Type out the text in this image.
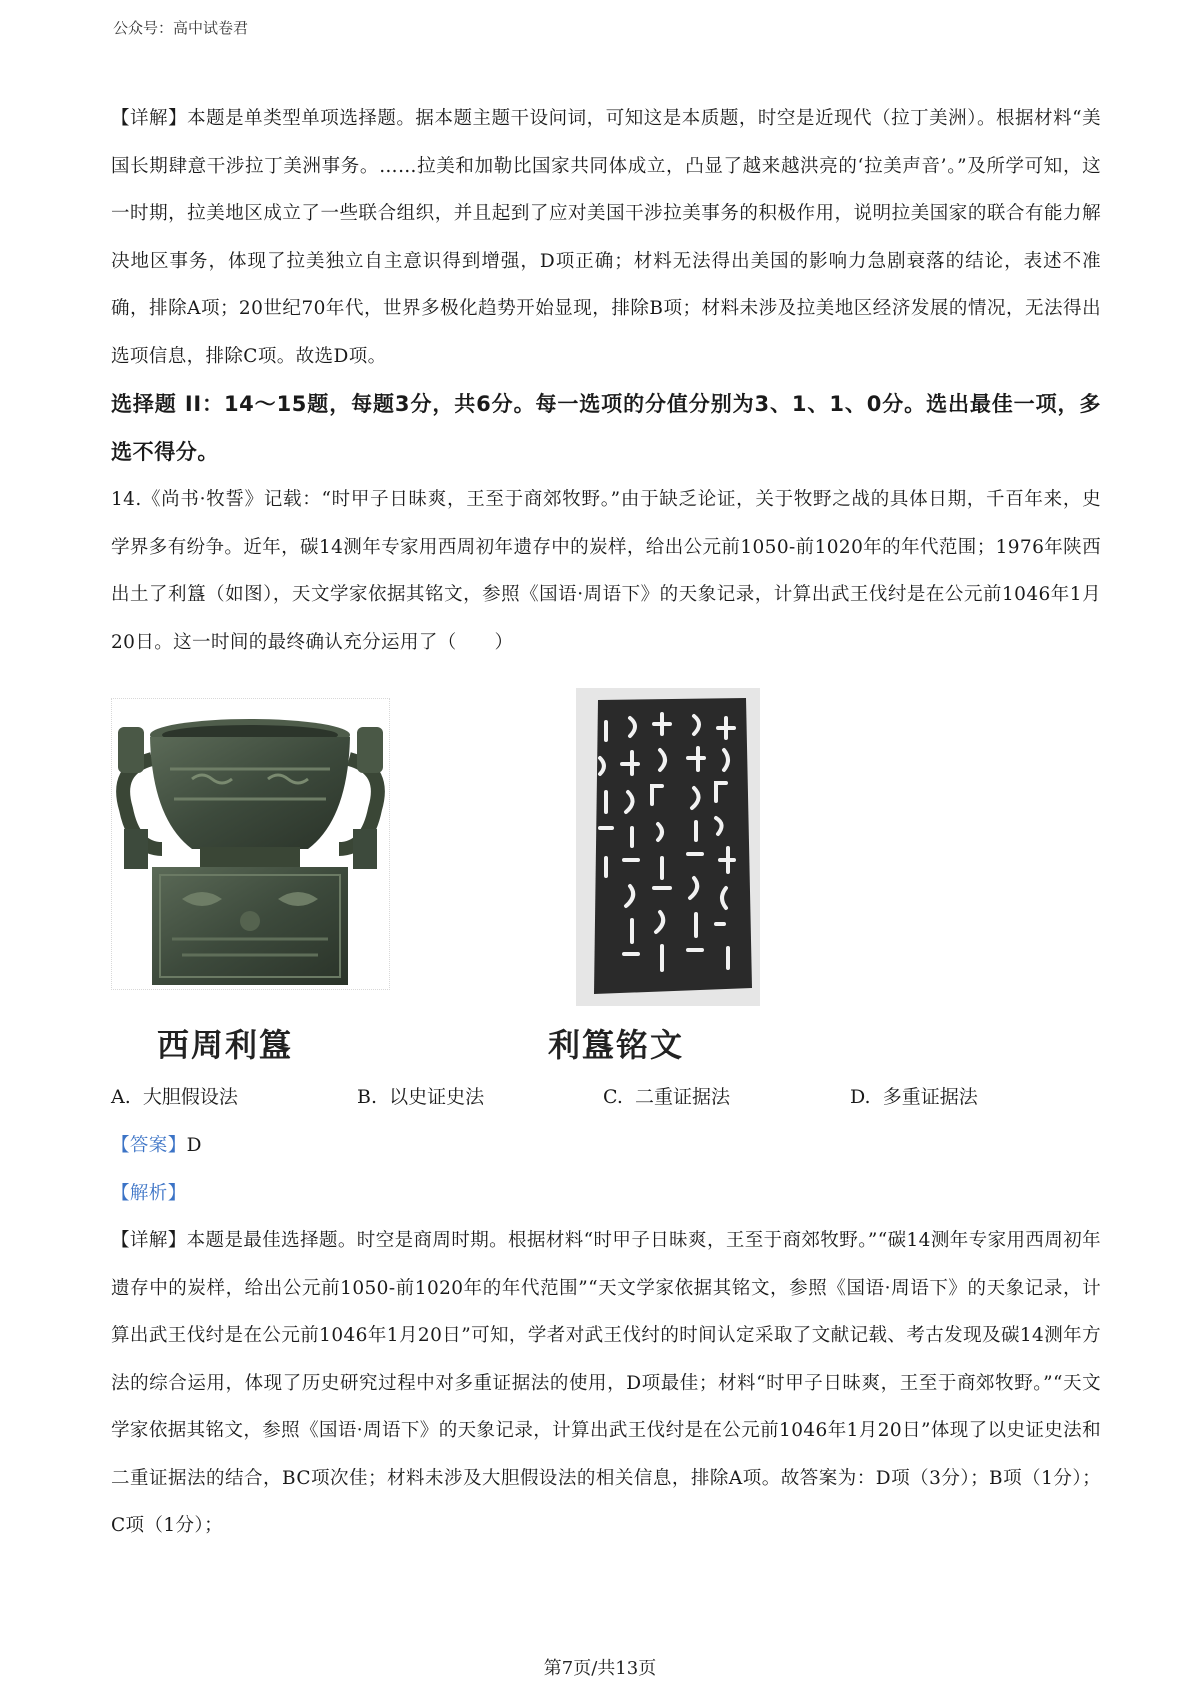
公众号：高中试卷君

【详解】本题是单类型单项选择题。据本题主题干设问词，可知这是本质题，时空是近现代（拉丁美洲）。根据材料“美国长期肆意干涉拉丁美洲事务。……拉美和加勒比国家共同体成立，凸显了越来越洪亮的‘拉美声音’。”及所学可知，这一时期，拉美地区成立了一些联合组织，并且起到了应对美国干涉拉美事务的积极作用，说明拉美国家的联合有能力解决地区事务，体现了拉美独立自主意识得到增强，D项正确；材料无法得出美国的影响力急剧衰落的结论，表述不准确，排除A项；20世纪70年代，世界多极化趋势开始显现，排除B项；材料未涉及拉美地区经济发展的情况，无法得出选项信息，排除C项。故选D项。

选择题 II：14～15题，每题3分，共6分。每一选项的分值分别为3、1、1、0分。选出最佳一项，多选不得分。

14.《尚书·牧誓》记载：“时甲子日昧爽，王至于商郊牧野。”由于缺乏论证，关于牧野之战的具体日期，千百年来，史学界多有纷争。近年，碳14测年专家用西周初年遗存中的炭样，给出公元前1050-前1020年的年代范围；1976年陕西出土了利簋（如图），天文学家依据其铭文，参照《国语·周语下》的天象记录，计算出武王伐纣是在公元前1046年1月20日。这一时间的最终确认充分运用了（　　）

西周利簋	利簋铭文
A. 大胆假设法	B. 以史证史法	C. 二重证据法	D. 多重证据法

【答案】D

【解析】

【详解】本题是最佳选择题。时空是商周时期。根据材料“时甲子日昧爽，王至于商郊牧野。”“碳14测年专家用西周初年遗存中的炭样，给出公元前1050-前1020年的年代范围”“天文学家依据其铭文，参照《国语·周语下》的天象记录，计算出武王伐纣是在公元前1046年1月20日”可知，学者对武王伐纣的时间认定采取了文献记载、考古发现及碳14测年方法的综合运用，体现了历史研究过程中对多重证据法的使用，D项最佳；材料“时甲子日昧爽，王至于商郊牧野。”“天文学家依据其铭文，参照《国语·周语下》的天象记录，计算出武王伐纣是在公元前1046年1月20日”体现了以史证史法和二重证据法的结合，BC项次佳；材料未涉及大胆假设法的相关信息，排除A项。故答案为：D项（3分）；B项（1分）；C项（1分）；

第7页/共13页
